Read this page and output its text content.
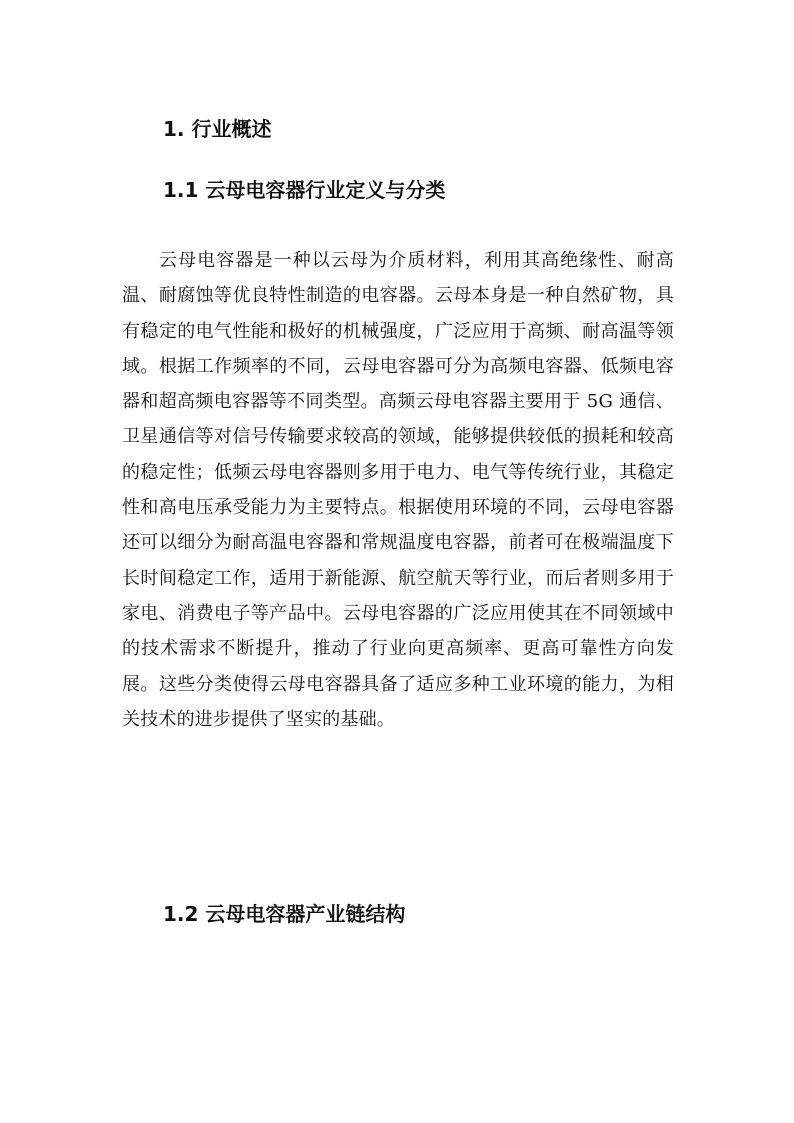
1. 行业概述
1.1 云母电容器行业定义与分类

云母电容器是一种以云母为介质材料，利用其高绝缘性、耐高温、耐腐蚀等优良特性制造的电容器。云母本身是一种自然矿物，具有稳定的电气性能和极好的机械强度，广泛应用于高频、耐高温等领域。根据工作频率的不同，云母电容器可分为高频电容器、低频电容器和超高频电容器等不同类型。高频云母电容器主要用于 5G 通信、卫星通信等对信号传输要求较高的领域，能够提供较低的损耗和较高的稳定性；低频云母电容器则多用于电力、电气等传统行业，其稳定性和高电压承受能力为主要特点。根据使用环境的不同，云母电容器还可以细分为耐高温电容器和常规温度电容器，前者可在极端温度下长时间稳定工作，适用于新能源、航空航天等行业，而后者则多用于家电、消费电子等产品中。云母电容器的广泛应用使其在不同领域中的技术需求不断提升，推动了行业向更高频率、更高可靠性方向发展。这些分类使得云母电容器具备了适应多种工业环境的能力，为相关技术的进步提供了坚实的基础。

1.2 云母电容器产业链结构
